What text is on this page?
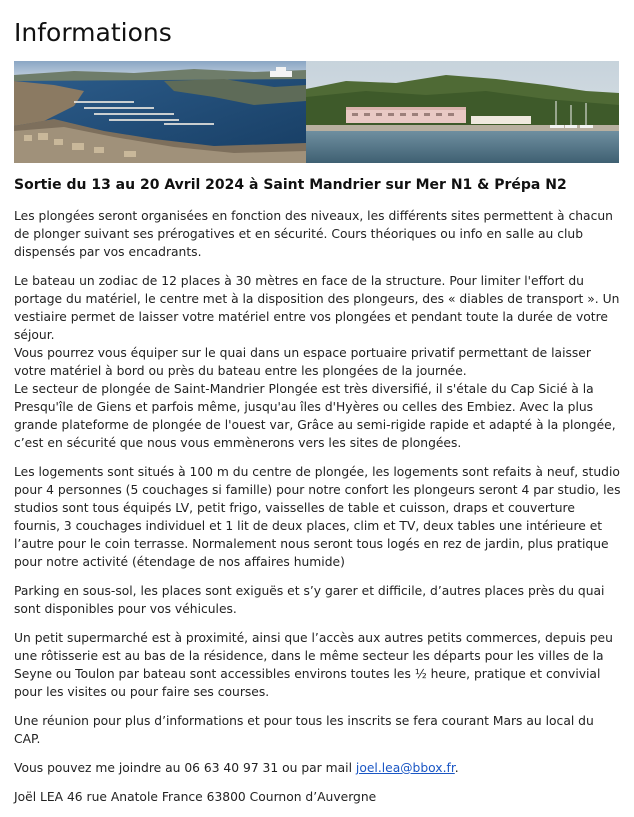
Informations
Sortie du 13 au 20 Avril 2024 à Saint Mandrier sur Mer N1 & Prépa N2

Les plongées seront organisées en fonction des niveaux, les différents sites permettent à chacun de plonger suivant ses prérogatives et en sécurité. Cours théoriques ou info en salle au club dispensés par vos encadrants.

Le bateau un zodiac de 12 places à 30 mètres en face de la structure. Pour limiter l'effort du portage du matériel, le centre met à la disposition des plongeurs, des « diables de transport ». Un vestiaire permet de laisser votre matériel entre vos plongées et pendant toute la durée de votre séjour.

Vous pourrez vous équiper sur le quai dans un espace portuaire privatif permettant de laisser votre matériel à bord ou près du bateau entre les plongées de la journée.

Le secteur de plongée de Saint-Mandrier Plongée est très diversifié, il s'étale du Cap Sicié à la Presqu'île de Giens et parfois même, jusqu'au îles d'Hyères ou celles des Embiez. Avec la plus grande plateforme de plongée de l'ouest var, Grâce au semi-rigide rapide et adapté à la plongée, c’est en sécurité que nous vous emmènerons vers les sites de plongées.

Les logements sont situés à 100 m du centre de plongée, les logements sont refaits à neuf, studio pour 4 personnes (5 couchages si famille) pour notre confort les plongeurs seront 4 par studio, les studios sont tous équipés LV, petit frigo, vaisselles de table et cuisson, draps et couverture fournis, 3 couchages individuel et 1 lit de deux places, clim et TV, deux tables une intérieure et l’autre pour le coin terrasse. Normalement nous seront tous logés en rez de jardin, plus pratique pour notre activité (étendage de nos affaires humide)

Parking en sous-sol, les places sont exiguës et s’y garer et difficile, d’autres places près du quai sont disponibles pour vos véhicules.

Un petit supermarché est à proximité, ainsi que l’accès aux autres petits commerces, depuis peu une rôtisserie est au bas de la résidence, dans le même secteur les départs pour les villes de la Seyne ou Toulon par bateau sont accessibles environs toutes les ½ heure, pratique et convivial pour les visites ou pour faire ses courses.

Une réunion pour plus d’informations et pour tous les inscrits se fera courant Mars au local du CAP.

Vous pouvez me joindre au 06 63 40 97 31 ou par mail joel.lea@bbox.fr.

Joël LEA 46 rue Anatole France 63800 Cournon d’Auvergne
